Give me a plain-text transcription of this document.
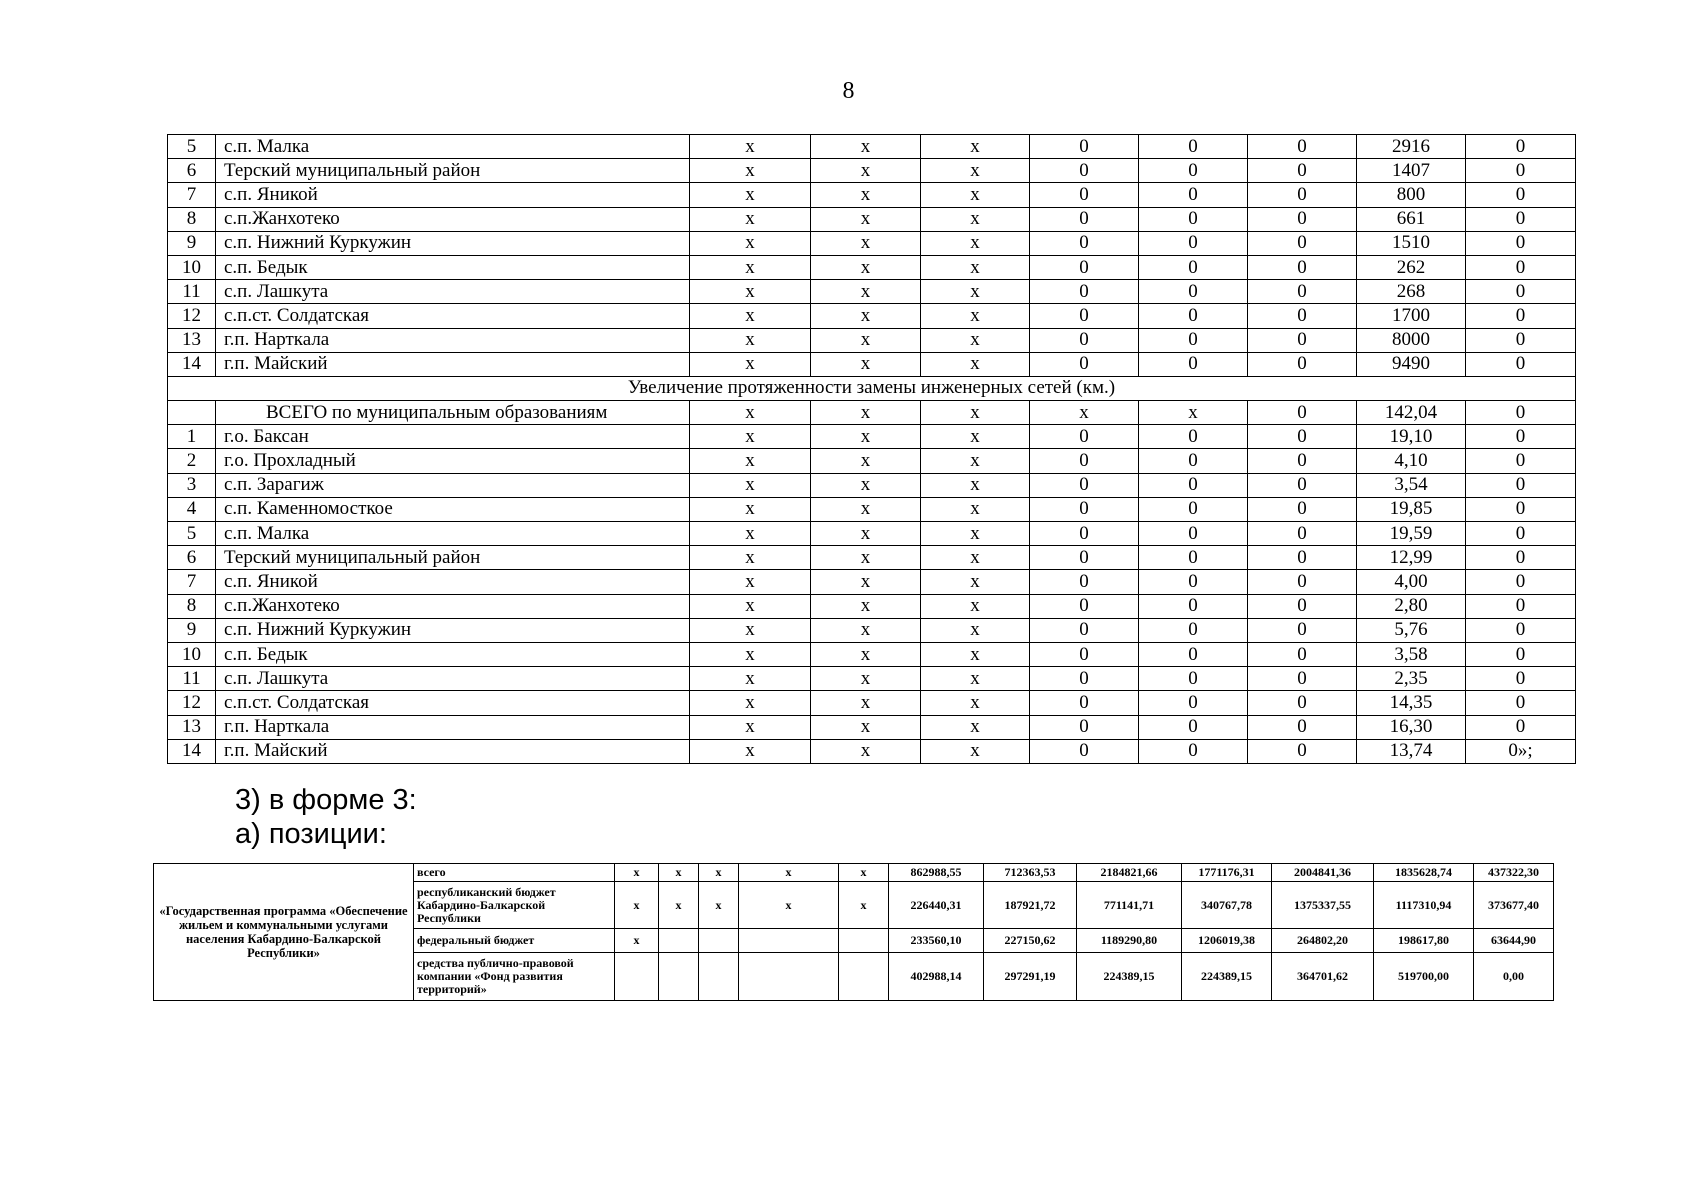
8
5	с.п. Малка	х	х	х	0	0	0	2916	0
6	Терский муниципальный район	х	х	х	0	0	0	1407	0
7	с.п. Яникой	х	х	х	0	0	0	800	0
8	с.п.Жанхотеко	х	х	х	0	0	0	661	0
9	с.п. Нижний Куркужин	х	х	х	0	0	0	1510	0
10	с.п. Бедык	х	х	х	0	0	0	262	0
11	с.п. Лашкута	х	х	х	0	0	0	268	0
12	с.п.ст. Солдатская	х	х	х	0	0	0	1700	0
13	г.п. Нарткала	х	х	х	0	0	0	8000	0
14	г.п. Майский	х	х	х	0	0	0	9490	0
Увеличение протяженности замены инженерных сетей (км.)									
	ВСЕГО по муниципальным образованиям	х	х	х	х	х	0	142,04	0
1	г.о. Баксан	х	х	х	0	0	0	19,10	0
2	г.о. Прохладный	х	х	х	0	0	0	4,10	0
3	с.п. Зарагиж	х	х	х	0	0	0	3,54	0
4	с.п. Каменномосткое	х	х	х	0	0	0	19,85	0
5	с.п. Малка	х	х	х	0	0	0	19,59	0
6	Терский муниципальный район	х	х	х	0	0	0	12,99	0
7	с.п. Яникой	х	х	х	0	0	0	4,00	0
8	с.п.Жанхотеко	х	х	х	0	0	0	2,80	0
9	с.п. Нижний Куркужин	х	х	х	0	0	0	5,76	0
10	с.п. Бедык	х	х	х	0	0	0	3,58	0
11	с.п. Лашкута	х	х	х	0	0	0	2,35	0
12	с.п.ст. Солдатская	х	х	х	0	0	0	14,35	0
13	г.п. Нарткала	х	х	х	0	0	0	16,30	0
14	г.п. Майский	х	х	х	0	0	0	13,74	0»;
3) в форме 3:
а) позиции:
«Государственная программа «Обеспечение жильем и коммунальными услугами населения Кабардино-Балкарской Республики»	всего	х	х	х	х	х	862988,55	712363,53	2184821,66	1771176,31	2004841,36	1835628,74	437322,30
	республиканский бюджет Кабардино-Балкарской Республики	х	х	х	х	х	226440,31	187921,72	771141,71	340767,78	1375337,55	1117310,94	373677,40
	федеральный бюджет	х					233560,10	227150,62	1189290,80	1206019,38	264802,20	198617,80	63644,90
	средства публично-правовой компании «Фонд развития территорий»						402988,14	297291,19	224389,15	224389,15	364701,62	519700,00	0,00
